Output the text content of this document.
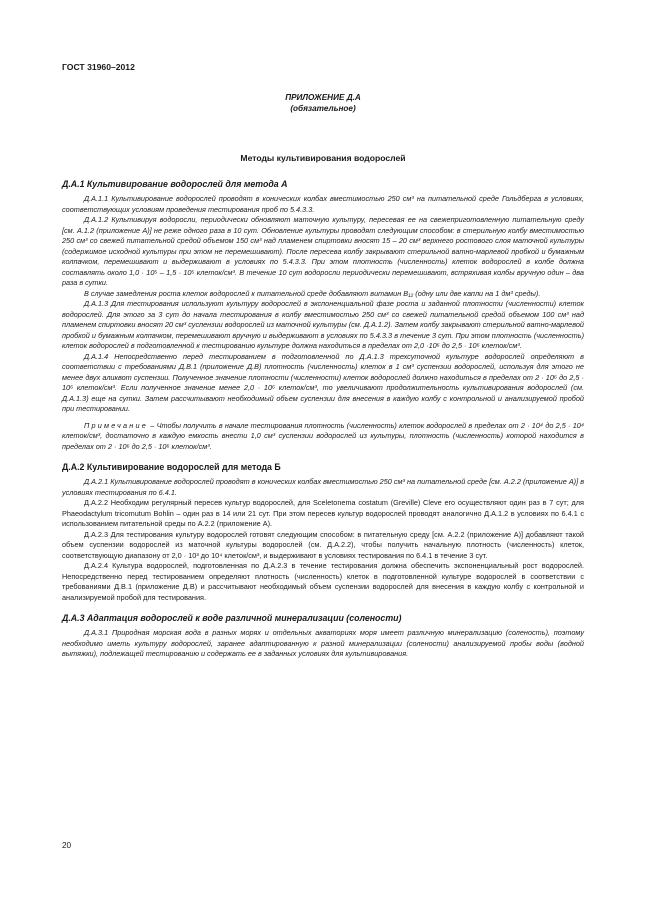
ГОСТ 31960–2012
ПРИЛОЖЕНИЕ Д.А
(обязательное)
Методы культивирования водорослей
Д.А.1 Культивирование водорослей для метода А

Д.А.1.1 Культивирование водорослей проводят в конических колбах вместимостью 250 см³ на питательной среде Гольдберга в условиях, соответствующих условиям проведения тестирования проб по 5.4.3.3.

Д.А.1.2 Культивируя водоросли, периодически обновляют маточную культуру, пересевая ее на свежеприготовленную питательную среду [см. А.1.2 (приложение А)] не реже одного раза в 10 сут. Обновление культуры проводят следующим способом: в стерильную колбу вместимостью 250 см³ со свежей питательной средой объемом 150 см³ над пламенем спиртовки вносят 15 – 20 см³ верхнего ростового слоя маточной культуры (содержимое исходной культуры при этом не перемешивают). После пересева колбу закрывают стерильной ватно-марлевой пробкой и бумажным колпачком, перемешивают и выдерживают в условиях по 5.4.3.3. При этом плотность (численность) клеток водорослей в колбе должна составлять около 1,0 · 10⁵ – 1,5 · 10⁵ клеток/см³. В течение 10 сут водоросли периодически перемешивают, встряхивая колбы вручную один – два раза в сутки.

В случае замедления роста клеток водорослей к питательной среде добавляют витамин B₁₂ (одну или две капли на 1 дм³ среды).

Д.А.1.3 Для тестирования используют культуру водорослей в экспоненциальной фазе роста и заданной плотности (численности) клеток водорослей. Для этого за 3 сут до начала тестирования в колбу вместимостью 250 см³ со свежей питательной средой объемом 100 см³ над пламенем спиртовки вносят 20 см³ суспензии водорослей из маточной культуры (см. Д.А.1.2). Затем колбу закрывают стерильной ватно-марлевой пробкой и бумажным колпачком, перемешивают вручную и выдерживают в условиях по 5.4.3.3 в течение 3 сут. При этом плотность (численность) клеток водорослей в подготовленной к тестированию культуре должна находиться в пределах от 2,0 ·10⁶ до 2,5 · 10⁶ клеток/см³.

Д.А.1.4 Непосредственно перед тестированием в подготовленной по Д.А.1.3 трехсуточной культуре водорослей определяют в соответствии с требованиями Д.В.1 (приложение Д.В) плотность (численность) клеток в 1 см³ суспензии водорослей, используя для этого не менее двух аликвот суспензии. Полученное значение плотности (численности) клеток водорослей должно находиться в пределах от 2 · 10⁶ до 2,5 · 10⁶ клеток/см³. Если полученное значение менее 2,0 · 10⁶ клеток/см³, то увеличивают продолжительность культивирования водорослей (см. Д.А.1.3) еще на сутки. Затем рассчитывают необходимый объем суспензии для внесения в каждую колбу с контрольной и анализируемой пробой при тестировании.

Примечание – Чтобы получить в начале тестирования плотность (численность) клеток водорослей в пределах от 2 · 10⁴ до 2,5 · 10⁴ клеток/см³, достаточно в каждую емкость внести 1,0 см³ суспензии водорослей из культуры, плотность (численность) которой находится в пределах от 2 · 10⁶ до 2,5 · 10⁶ клеток/см³.

Д.А.2 Культивирование водорослей для метода Б

Д.А.2.1 Культивирование водорослей проводят в конических колбах вместимостью 250 см³ на питательной среде [см. А.2.2 (приложение А)] в условиях тестирования по 6.4.1.

Д.А.2.2 Необходим регулярный пересев культур водорослей, для Sceletonema costatum (Greville) Cleve его осуществляют один раз в 7 сут; для Phaeodactylum tricomutum Bohlin – один раз в 14 или 21 сут. При этом пересев культур водорослей проводят аналогично Д.А.1.2 в условиях по 6.4.1 с использованием питательной среды по А.2.2 (приложение А).

Д.А.2.3 Для тестирования культуру водорослей готовят следующим способом: в питательную среду [см. А.2.2 (приложение А)] добавляют такой объем суспензии водорослей из маточной культуры водорослей (см. Д.А.2.2), чтобы получить начальную плотность (численность) клеток, соответствующую диапазону от 2,0 · 10³ до 10⁴ клеток/см³, и выдерживают в условиях тестирования по 6.4.1 в течение 3 сут.

Д.А.2.4 Культура водорослей, подготовленная по Д.А.2.3 в течение тестирования должна обеспечить экспоненциальный рост водорослей. Непосредственно перед тестированием определяют плотность (численность) клеток в подготовленной культуре водорослей в соответствии с требованиями Д.В.1 (приложение Д.В) и рассчитывают необходимый объем суспензии водорослей для внесения в каждую колбу с контрольной и анализируемой пробой для тестирования.

Д.А.3 Адаптация водорослей к воде различной минерализации (солености)

Д.А.3.1 Природная морская вода в разных морях и отдельных акваториях моря имеет различную минерализацию (соленость), поэтому необходимо иметь культуру водорослей, заранее адаптированную к разной минерализации (солености) анализируемой пробы воды (водной вытяжки), подлежащей тестированию и содержать ее в заданных условиях для культивирования.

20
